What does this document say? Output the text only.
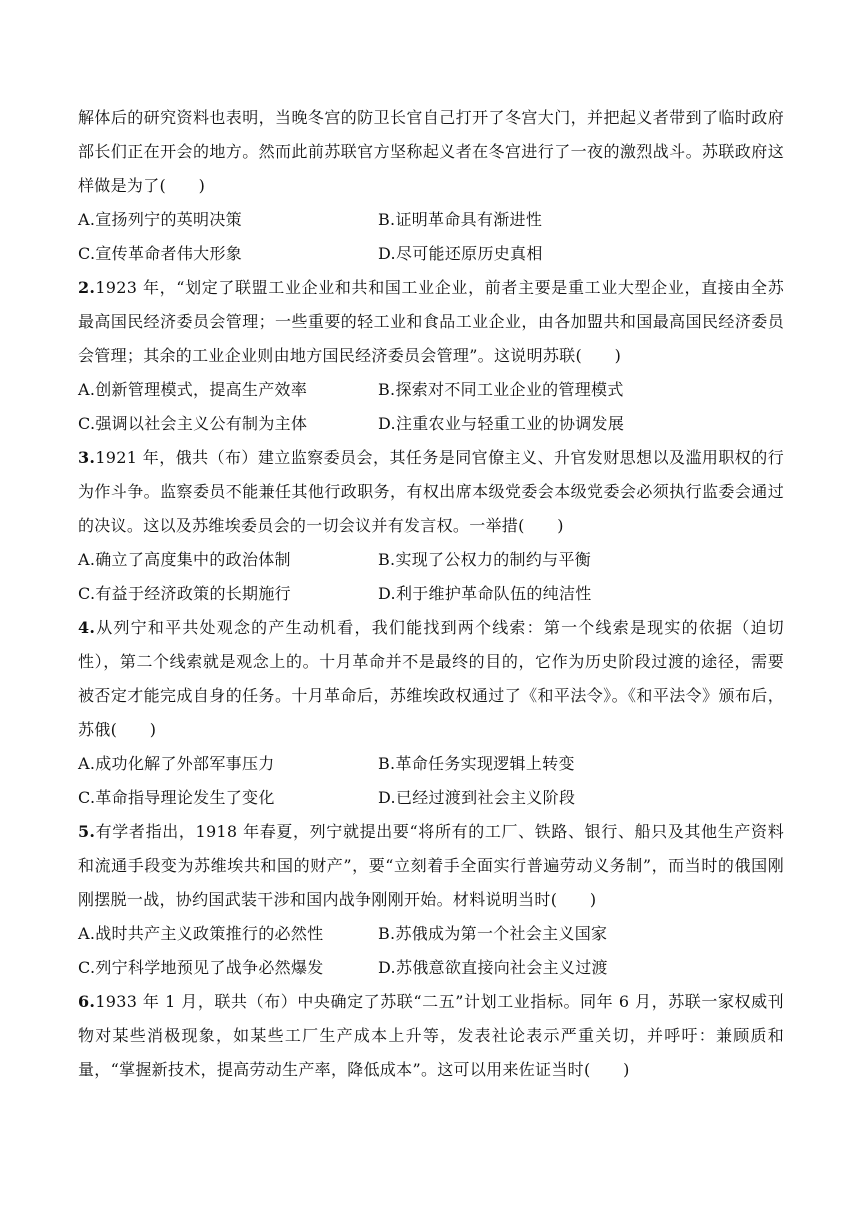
解体后的研究资料也表明，当晚冬宫的防卫长官自己打开了冬宫大门，并把起义者带到了临时政府部长们正在开会的地方。然而此前苏联官方坚称起义者在冬宫进行了一夜的激烈战斗。苏联政府这样做是为了(　　)

A.宣扬列宁的英明决策	B.证明革命具有渐进性
C.宣传革命者伟大形象	D.尽可能还原历史真相

2.1923 年，“划定了联盟工业企业和共和国工业企业，前者主要是重工业大型企业，直接由全苏最高国民经济委员会管理；一些重要的轻工业和食品工业企业，由各加盟共和国最高国民经济委员会管理；其余的工业企业则由地方国民经济委员会管理”。这说明苏联(　　)

A.创新管理模式，提高生产效率	B.探索对不同工业企业的管理模式
C.强调以社会主义公有制为主体	D.注重农业与轻重工业的协调发展

3.1921 年，俄共（布）建立监察委员会，其任务是同官僚主义、升官发财思想以及滥用职权的行为作斗争。监察委员不能兼任其他行政职务，有权出席本级党委会本级党委会必须执行监委会通过的决议。这以及苏维埃委员会的一切会议并有发言权。一举措(　　)

A.确立了高度集中的政治体制	B.实现了公权力的制约与平衡
C.有益于经济政策的长期施行	D.利于维护革命队伍的纯洁性

4.从列宁和平共处观念的产生动机看，我们能找到两个线索：第一个线索是现实的依据（迫切性），第二个线索就是观念上的。十月革命并不是最终的目的，它作为历史阶段过渡的途径，需要被否定才能完成自身的任务。十月革命后，苏维埃政权通过了《和平法令》。《和平法令》颁布后，苏俄(　　)

A.成功化解了外部军事压力	B.革命任务实现逻辑上转变
C.革命指导理论发生了变化	D.已经过渡到社会主义阶段

5.有学者指出，1918 年春夏，列宁就提出要“将所有的工厂、铁路、银行、船只及其他生产资料和流通手段变为苏维埃共和国的财产”，要“立刻着手全面实行普遍劳动义务制”，而当时的俄国刚刚摆脱一战，协约国武装干涉和国内战争刚刚开始。材料说明当时(　　)

A.战时共产主义政策推行的必然性	B.苏俄成为第一个社会主义国家
C.列宁科学地预见了战争必然爆发	D.苏俄意欲直接向社会主义过渡

6.1933 年 1 月，联共（布）中央确定了苏联“二五”计划工业指标。同年 6 月，苏联一家权威刊物对某些消极现象，如某些工厂生产成本上升等，发表社论表示严重关切，并呼吁：兼顾质和量，“掌握新技术，提高劳动生产率，降低成本”。这可以用来佐证当时(　　)
